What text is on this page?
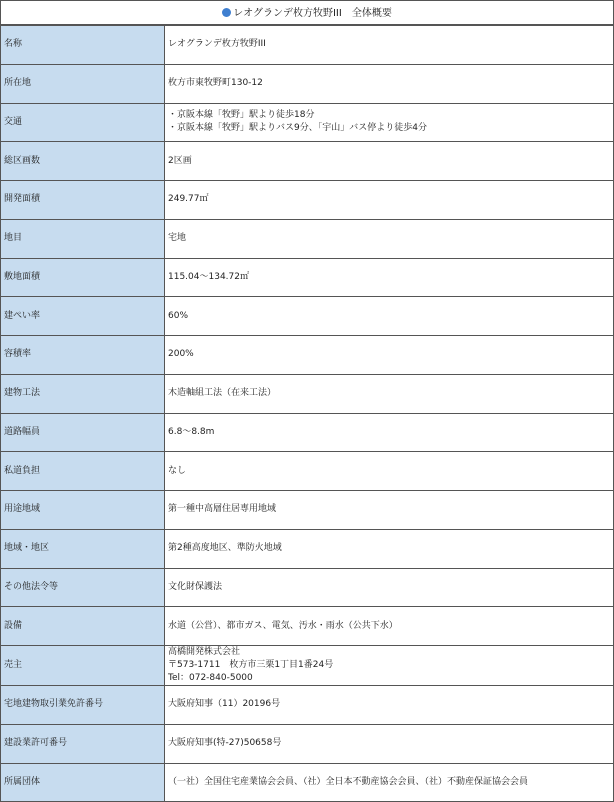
レオグランデ枚方牧野III　全体概要
名称	レオグランデ枚方牧野III

所在地	枚方市東牧野町130-12

交通	・京阪本線「牧野」駅より徒歩18分
・京阪本線「牧野」駅よりバス9分、「宇山」バス停より徒歩4分

総区画数	2区画

開発面積	249.77㎡

地目	宅地

敷地面積	115.04～134.72㎡

建ぺい率	60%

容積率	200%

建物工法	木造軸組工法（在来工法）

道路幅員	6.8～8.8m

私道負担	なし

用途地域	第一種中高層住居専用地域

地域・地区	第2種高度地区、準防火地域

その他法令等	文化財保護法

設備	水道（公営）、都市ガス、電気、汚水・雨水（公共下水）

売主	高橋開発株式会社
〒573-1711　枚方市三栗1丁目1番24号
Tel：072-840-5000

宅地建物取引業免許番号	大阪府知事（11）20196号

建設業許可番号	大阪府知事(特-27)50658号

所属団体	（一社）全国住宅産業協会会員、（社）全日本不動産協会会員、（社）不動産保証協会会員
